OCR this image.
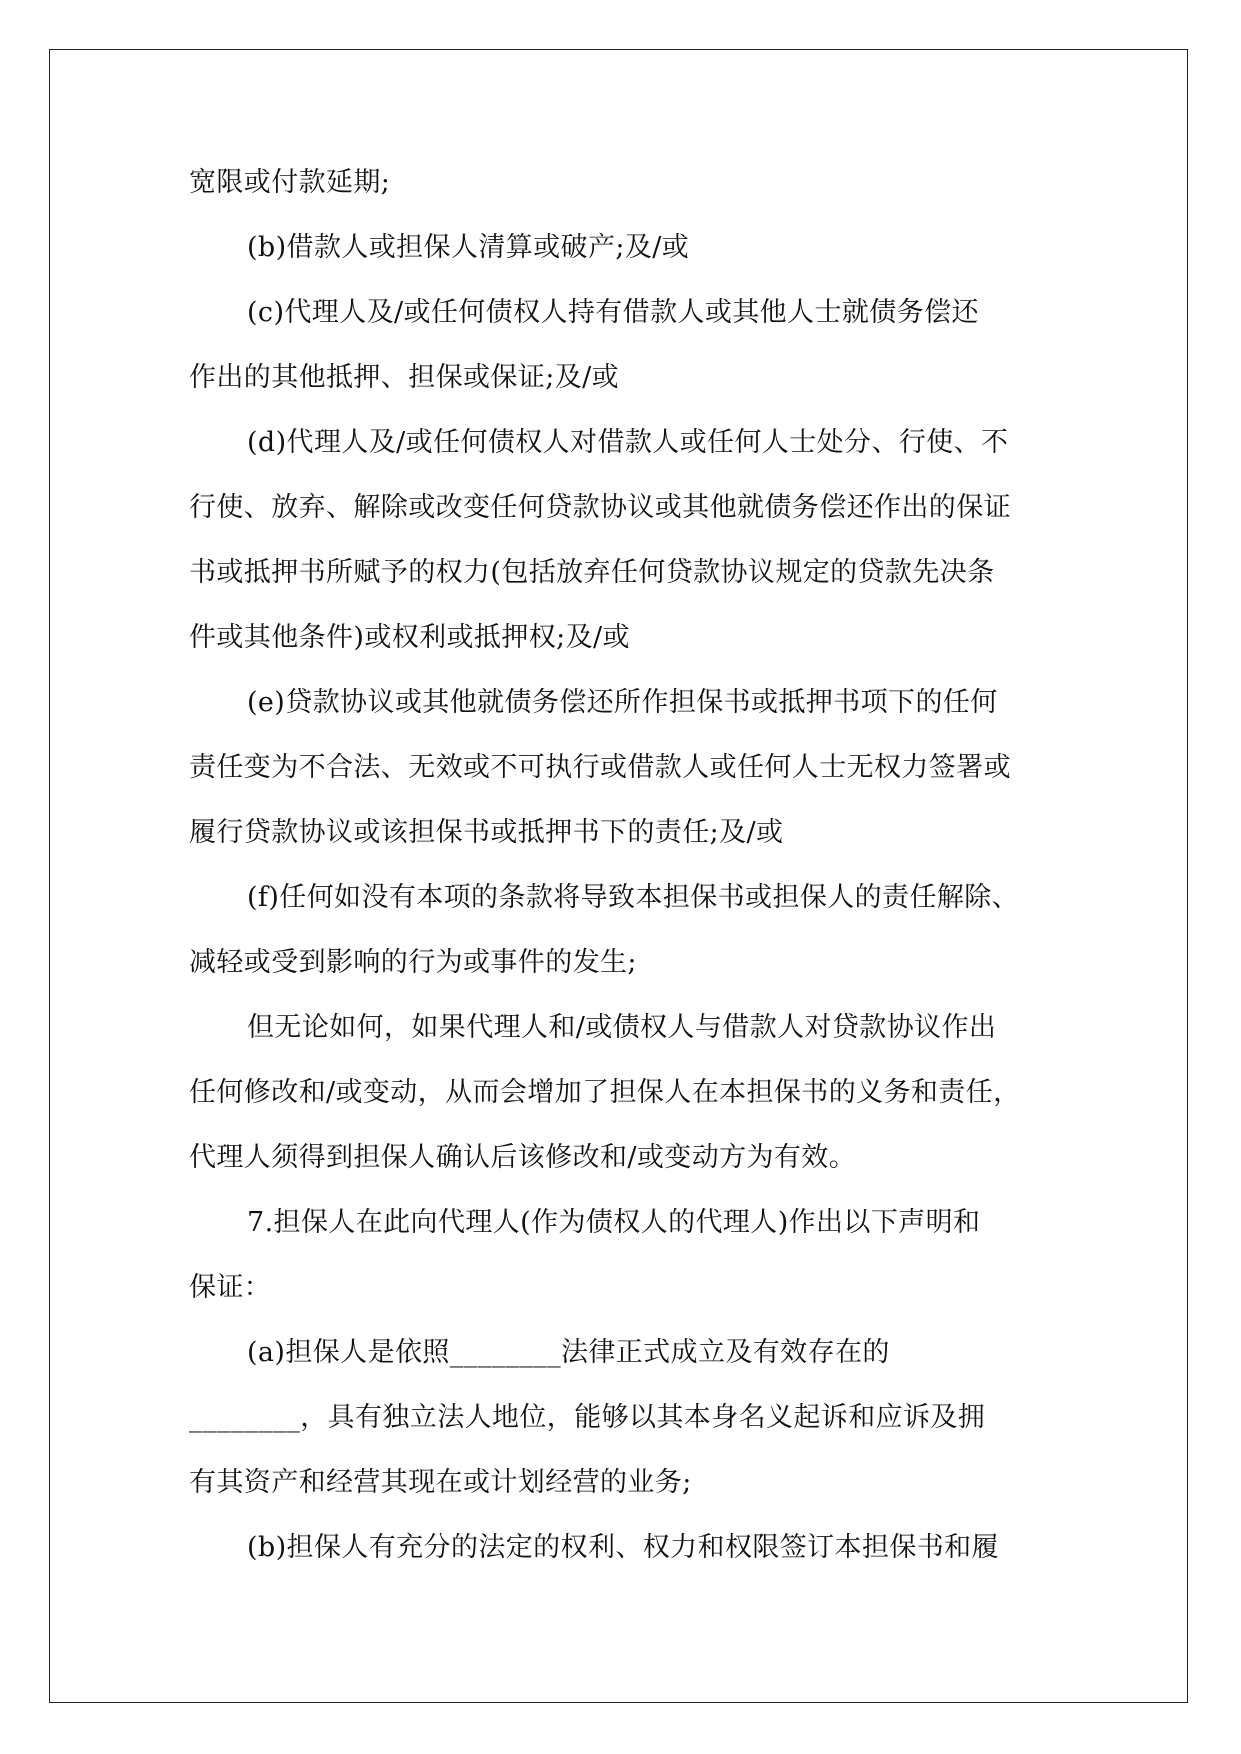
宽限或付款延期;
(b)借款人或担保人清算或破产;及/或
(c)代理人及/或任何债权人持有借款人或其他人士就债务偿还
作出的其他抵押、担保或保证;及/或
(d)代理人及/或任何债权人对借款人或任何人士处分、行使、不
行使、放弃、解除或改变任何贷款协议或其他就债务偿还作出的保证
书或抵押书所赋予的权力(包括放弃任何贷款协议规定的贷款先决条
件或其他条件)或权利或抵押权;及/或
(e)贷款协议或其他就债务偿还所作担保书或抵押书项下的任何
责任变为不合法、无效或不可执行或借款人或任何人士无权力签署或
履行贷款协议或该担保书或抵押书下的责任;及/或
(f)任何如没有本项的条款将导致本担保书或担保人的责任解除、
减轻或受到影响的行为或事件的发生;
但无论如何，如果代理人和/或债权人与借款人对贷款协议作出
任何修改和/或变动，从而会增加了担保人在本担保书的义务和责任，
代理人须得到担保人确认后该修改和/或变动方为有效。
7.担保人在此向代理人(作为债权人的代理人)作出以下声明和
保证：
(a)担保人是依照________法律正式成立及有效存在的
________，具有独立法人地位，能够以其本身名义起诉和应诉及拥
有其资产和经营其现在或计划经营的业务;
(b)担保人有充分的法定的权利、权力和权限签订本担保书和履
